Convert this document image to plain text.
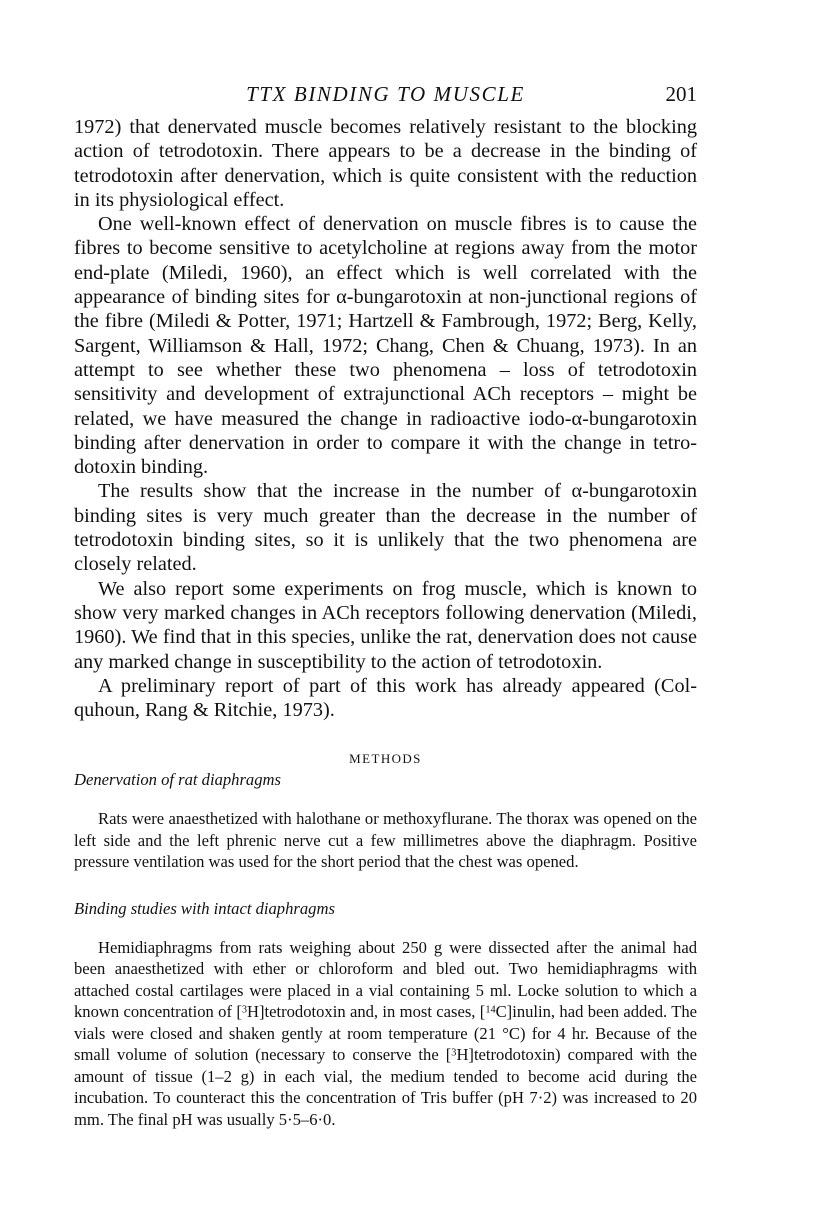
TTX BINDING TO MUSCLE	201

1972) that denervated muscle becomes relatively resistant to the blocking action of tetrodotoxin. There appears to be a decrease in the binding of tetrodotoxin after denervation, which is quite consistent with the reduction in its physiological effect.

One well-known effect of denervation on muscle fibres is to cause the fibres to become sensitive to acetylcholine at regions away from the motor end-plate (Miledi, 1960), an effect which is well correlated with the appearance of binding sites for α-bungarotoxin at non-junctional regions of the fibre (Miledi & Potter, 1971; Hartzell & Fambrough, 1972; Berg, Kelly, Sargent, Williamson & Hall, 1972; Chang, Chen & Chuang, 1973). In an attempt to see whether these two phenomena – loss of tetrodotoxin sensitivity and development of extrajunctional ACh receptors – might be related, we have measured the change in radioactive iodo-α-bungarotoxin binding after denervation in order to compare it with the change in tetrodotoxin binding.

The results show that the increase in the number of α-bungarotoxin binding sites is very much greater than the decrease in the number of tetrodotoxin binding sites, so it is unlikely that the two phenomena are closely related.

We also report some experiments on frog muscle, which is known to show very marked changes in ACh receptors following denervation (Miledi, 1960). We find that in this species, unlike the rat, denervation does not cause any marked change in susceptibility to the action of tetrodotoxin.

A preliminary report of part of this work has already appeared (Colquhoun, Rang & Ritchie, 1973).

METHODS
Denervation of rat diaphragms

Rats were anaesthetized with halothane or methoxyflurane. The thorax was opened on the left side and the left phrenic nerve cut a few millimetres above the diaphragm. Positive pressure ventilation was used for the short period that the chest was opened.

Binding studies with intact diaphragms

Hemidiaphragms from rats weighing about 250 g were dissected after the animal had been anaesthetized with ether or chloroform and bled out. Two hemidiaphragms with attached costal cartilages were placed in a vial containing 5 ml. Locke solution to which a known concentration of [$^3$H]tetrodotoxin and, in most cases, [$^{14}$C]inulin, had been added. The vials were closed and shaken gently at room temperature (21 °C) for 4 hr. Because of the small volume of solution (necessary to conserve the [$^3$H]tetrodotoxin) compared with the amount of tissue (1–2 g) in each vial, the medium tended to become acid during the incubation. To counteract this the concentration of Tris buffer (pH 7·2) was increased to 20 mm. The final pH was usually 5·5–6·0.
